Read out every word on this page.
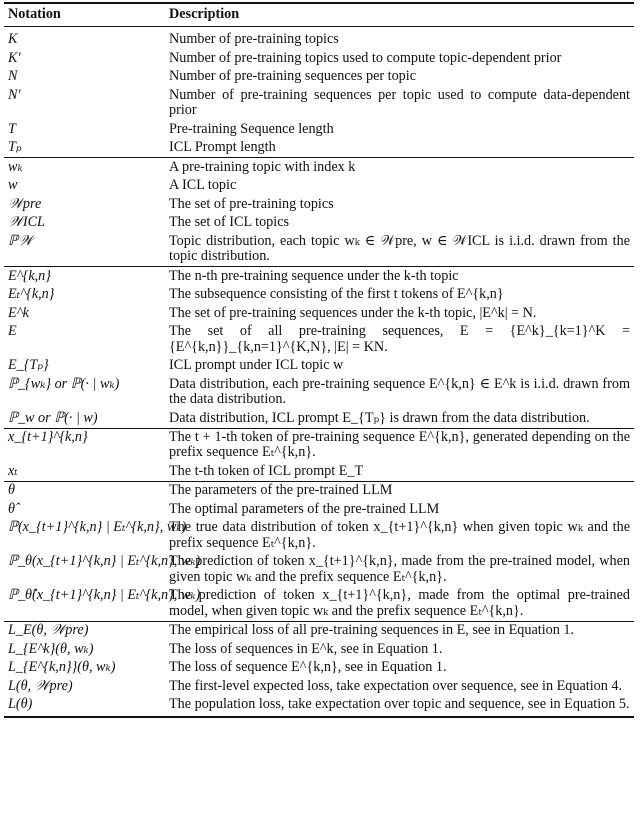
Notation	Description
K	Number of pre-training topics
K′	Number of pre-training topics used to compute topic-dependent prior
N	Number of pre-training sequences per topic
N′	Number of pre-training sequences per topic used to compute data-dependent prior
T	Pre-training Sequence length
Tₚ	ICL Prompt length
wₖ	A pre-training topic with index k
w	A ICL topic
𝒲pre	The set of pre-training topics
𝒲ICL	The set of ICL topics
ℙ𝒲	Topic distribution, each topic wₖ ∈ 𝒲pre, w ∈ 𝒲ICL is i.i.d. drawn from the topic distribution.
E^{k,n}	The n-th pre-training sequence under the k-th topic
Eₜ^{k,n}	The subsequence consisting of the first t tokens of E^{k,n}
E^k	The set of pre-training sequences under the k-th topic, |E^k| = N.
E	The set of all pre-training sequences, E = {E^k}_{k=1}^K = {E^{k,n}}_{k,n=1}^{K,N}, |E| = KN.
E_{Tₚ}	ICL prompt under ICL topic w
ℙ_{wₖ} or ℙ(· | wₖ)	Data distribution, each pre-training sequence E^{k,n} ∈ E^k is i.i.d. drawn from the data distribution.
ℙ_w or ℙ(· | w)	Data distribution, ICL prompt E_{Tₚ} is drawn from the data distribution.
x_{t+1}^{k,n}	The t + 1-th token of pre-training sequence E^{k,n}, generated depending on the prefix sequence Eₜ^{k,n}.
xₜ	The t-th token of ICL prompt E_T
θ	The parameters of the pre-trained LLM
θ̂	The optimal parameters of the pre-trained LLM
ℙ(x_{t+1}^{k,n} | Eₜ^{k,n}, wₖ)	The true data distribution of token x_{t+1}^{k,n} when given topic wₖ and the prefix sequence Eₜ^{k,n}.
ℙ_θ(x_{t+1}^{k,n} | Eₜ^{k,n}, wₖ)	The prediction of token x_{t+1}^{k,n}, made from the pre-trained model, when given topic wₖ and the prefix sequence Eₜ^{k,n}.
ℙ_θ̂(x_{t+1}^{k,n} | Eₜ^{k,n}, wₖ)	The prediction of token x_{t+1}^{k,n}, made from the optimal pre-trained model, when given topic wₖ and the prefix sequence Eₜ^{k,n}.
L_E(θ, 𝒲pre)	The empirical loss of all pre-training sequences in E, see in Equation 1.
L_{E^k}(θ, wₖ)	The loss of sequences in E^k, see in Equation 1.
L_{E^{k,n}}(θ, wₖ)	The loss of sequence E^{k,n}, see in Equation 1.
L(θ, 𝒲pre)	The first-level expected loss, take expectation over sequence, see in Equation 4.
L(θ)	The population loss, take expectation over topic and sequence, see in Equation 5.
